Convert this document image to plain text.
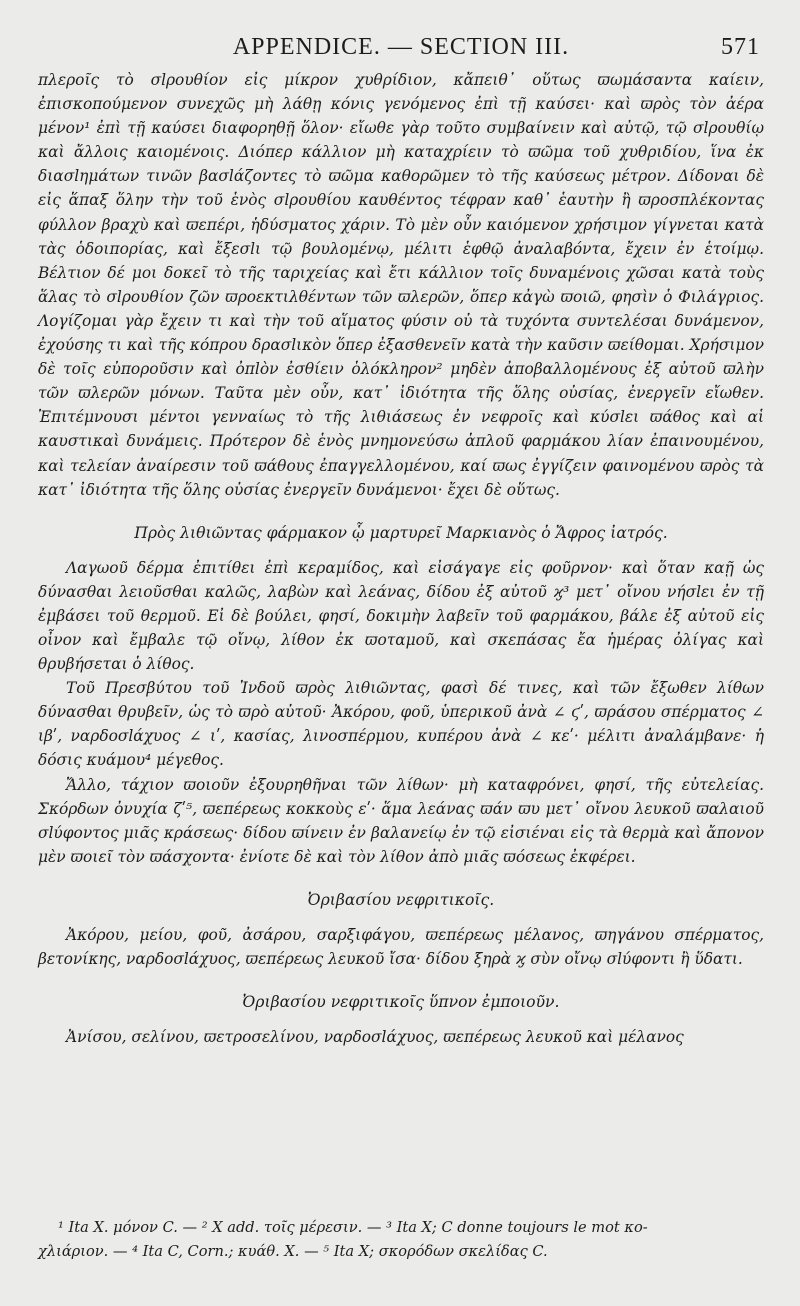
APPENDICE. — SECTION III.	571

πλεροῖς τὸ σlρουθίον εἰς μίκρον χυθρίδιον, κἄπειθ᾽ οὕτως ϖωμάσαντα καίειν, ἐπισκοπούμενον συνεχῶς μὴ λάθῃ κόνις γενόμενος ἐπὶ τῇ καύσει· καὶ ϖρὸς τὸν ἀέρα μένον¹ ἐπὶ τῇ καύσει διαφορηθῇ ὅλον· εἴωθε γὰρ τοῦτο συμβαίνειν καὶ αὐτῷ, τῷ σlρουθίῳ καὶ ἄλλοις καιομένοις. Διόπερ κάλλιον μὴ καταχρίειν τὸ ϖῶμα τοῦ χυθριδίου, ἵνα ἐκ διασlημάτων τινῶν βασlάζοντες τὸ ϖῶμα καθορῶμεν τὸ τῆς καύσεως μέτρον. Δίδοναι δὲ εἰς ἅπαξ ὅλην τὴν τοῦ ἑνὸς σlρουθίου καυθέντος τέφραν καθ᾽ ἑαυτὴν ἢ ϖροσπλέκοντας φύλλον βραχὺ καὶ ϖεπέρι, ἡδύσματος χάριν. Τὸ μὲν οὖν καιόμενον χρήσιμον γίγνεται κατὰ τὰς ὁδοιπορίας, καὶ ἔξεσlι τῷ βουλομένῳ, μέλιτι ἑφθῷ ἀναλαβόντα, ἔχειν ἐν ἑτοίμῳ. Βέλτιον δέ μοι δοκεῖ τὸ τῆς ταριχείας καὶ ἔτι κάλλιον τοῖς δυναμένοις χῶσαι κατὰ τοὺς ἅλας τὸ σlρουθίον ζῶν ϖροεκτιλθέντων τῶν ϖλερῶν, ὅπερ κἀγὼ ϖοιῶ, φησὶν ὁ Φιλάγριος. Λογίζομαι γὰρ ἔχειν τι καὶ τὴν τοῦ αἵματος φύσιν οὐ τὰ τυχόντα συντελέσαι δυνάμενον, ἐχούσης τι καὶ τῆς κόπρου δρασlικὸν ὅπερ ἐξασθενεῖν κατὰ τὴν καῦσιν ϖείθομαι. Χρήσιμον δὲ τοῖς εὐποροῦσιν καὶ ὀπlὸν ἐσθίειν ὁλόκληρον² μηδὲν ἀποβαλλομένους ἐξ αὐτοῦ ϖλὴν τῶν ϖλερῶν μόνων. Ταῦτα μὲν οὖν, κατ᾽ ἰδιότητα τῆς ὅλης οὐσίας, ἐνεργεῖν εἴωθεν. Ἐπιτέμνουσι μέντοι γενναίως τὸ τῆς λιθιάσεως ἐν νεφροῖς καὶ κύσlει ϖάθος καὶ αἱ καυστικαὶ δυνάμεις. Πρότερον δὲ ἑνὸς μνημονεύσω ἁπλοῦ φαρμάκου λίαν ἐπαινουμένου, καὶ τελείαν ἀναίρεσιν τοῦ ϖάθους ἐπαγγελλομένου, καί ϖως ἐγγίζειν φαινομένου ϖρὸς τὰ κατ᾽ ἰδιότητα τῆς ὅλης οὐσίας ἐνεργεῖν δυνάμενοι· ἔχει δὲ οὕτως.

Πρὸς λιθιῶντας φάρμακον ᾧ μαρτυρεῖ Μαρκιανὸς ὁ Ἄφρος ἰατρός.

Λαγωοῦ δέρμα ἐπιτίθει ἐπὶ κεραμίδος, καὶ εἰσάγαγε εἰς φοῦρνον· καὶ ὅταν καῇ ὡς δύνασθαι λειοῦσθαι καλῶς, λαβὼν καὶ λεάνας, δίδου ἐξ αὐτοῦ ϗ³ μετ᾽ οἴνου νήσlει ἐν τῇ ἐμβάσει τοῦ θερμοῦ. Εἰ δὲ βούλει, φησί, δοκιμὴν λαβεῖν τοῦ φαρμάκου, βάλε ἐξ αὐτοῦ εἰς οἶνον καὶ ἔμβαλε τῷ οἴνῳ, λίθον ἐκ ϖοταμοῦ, καὶ σκεπάσας ἔα ἡμέρας ὀλίγας καὶ θρυβήσεται ὁ λίθος.

Τοῦ Πρεσβύτου τοῦ Ἰνδοῦ ϖρὸς λιθιῶντας, φασὶ δέ τινες, καὶ τῶν ἔξωθεν λίθων δύνασθαι θρυβεῖν, ὡς τὸ ϖρὸ αὐτοῦ· Ἀκόρου, φοῦ, ὑπερικοῦ ἀνὰ ∠ ϛʹ, ϖράσου σπέρματος ∠ ιβʹ, ναρδοσlάχυος ∠ ιʹ, κασίας, λινοσπέρμου, κυπέρου ἀνὰ ∠ κεʹ· μέλιτι ἀναλάμβανε· ἡ δόσις κυάμου⁴ μέγεθος.

Ἄλλο, τάχιον ϖοιοῦν ἐξουρηθῆναι τῶν λίθων· μὴ καταφρόνει, φησί, τῆς εὐτελείας. Σκόρδων ὀνυχία ζʹ⁵, ϖεπέρεως κοκκοὺς εʹ· ἅμα λεάνας ϖάν ϖυ μετ᾽ οἴνου λευκοῦ ϖαλαιοῦ σlύφοντος μιᾶς κράσεως· δίδου ϖίνειν ἐν βαλανείῳ ἐν τῷ εἰσιέναι εἰς τὰ θερμὰ καὶ ἄπονον μὲν ϖοιεῖ τὸν ϖάσχοντα· ἐνίοτε δὲ καὶ τὸν λίθον ἀπὸ μιᾶς ϖόσεως ἐκφέρει.

Ὀριβασίου νεφριτικοῖς.

Ἀκόρου, μείου, φοῦ, ἀσάρου, σαρξιφάγου, ϖεπέρεως μέλανος, ϖηγάνου σπέρματος, βετονίκης, ναρδοσlάχυος, ϖεπέρεως λευκοῦ ἴσα· δίδου ξηρὰ ϗ σὺν οἴνῳ σlύφοντι ἢ ὕδατι.

Ὀριβασίου νεφριτικοῖς ὕπνον ἐμποιοῦν.

Ἀνίσου, σελίνου, ϖετροσελίνου, ναρδοσlάχυος, ϖεπέρεως λευκοῦ καὶ μέλανος

¹ Ita X. μόνον C. — ² X add. τοῖς μέρεσιν. — ³ Ita X; C donne toujours le mot κο-

χλιάριον. — ⁴ Ita C, Corn.; κυάθ. X. — ⁵ Ita X; σκορόδων σκελίδας C.
